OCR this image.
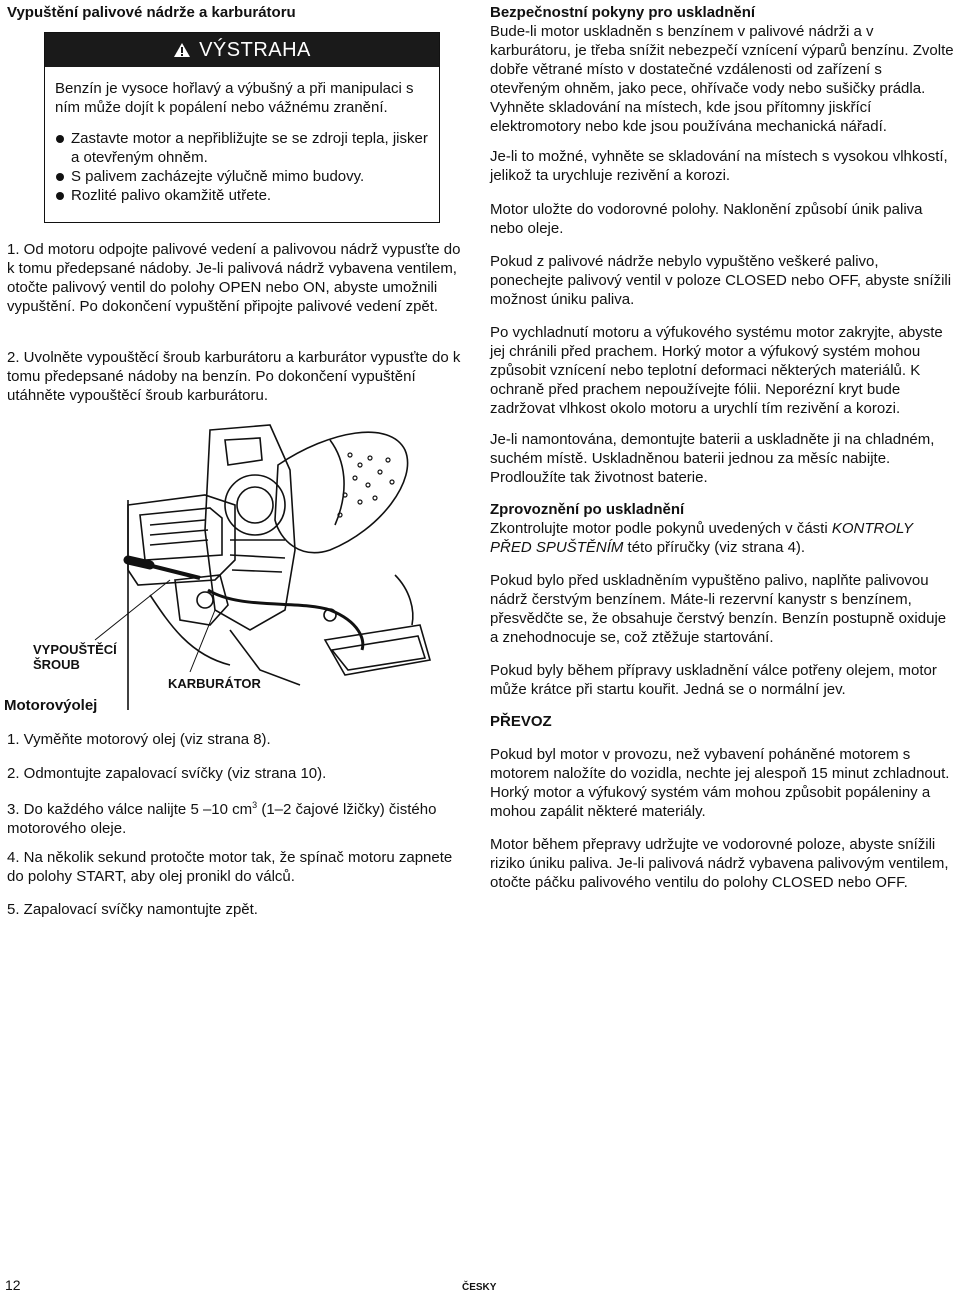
Vypuštění palivové nádrže a karburátoru

VÝSTRAHA

Benzín je vysoce hořlavý a výbušný a při manipulaci s ním může dojít k popálení nebo vážnému zranění.

Zastavte motor a nepřibližujte se se zdroji tepla, jisker a otevřeným ohněm.
S palivem zacházejte výlučně mimo budovy.
Rozlité palivo okamžitě utřete.

1. Od motoru odpojte palivové vedení a palivovou nádrž vypusťte do k tomu předepsané nádoby. Je-li palivová nádrž vybavena ventilem, otočte palivový ventil do polohy OPEN nebo ON, abyste umožnili vypuštění. Po dokončení vypuštění připojte palivové vedení zpět.

2. Uvolněte vypouštěcí šroub karburátoru a karburátor vypusťte do k tomu předepsané nádoby na benzín. Po dokončení vypuštění utáhněte vypouštěcí šroub karburátoru.

VYPOUŠTĚCÍ
ŠROUB
KARBURÁTOR

Motorovýolej

1. Vyměňte motorový olej (viz strana 8).

2. Odmontujte zapalovací svíčky (viz strana 10).

3. Do každého válce nalijte 5 –10 $cm^3$ (1–2 čajové lžičky) čistého motorového oleje.

4. Na několik sekund protočte motor tak, že spínač motoru zapnete do polohy START, aby olej pronikl do válců.

5. Zapalovací svíčky namontujte zpět.

Bezpečnostní pokyny pro uskladnění

Bude-li motor uskladněn s benzínem v palivové nádrži a v karburátoru, je třeba snížit nebezpečí vznícení výparů benzínu. Zvolte dobře větrané místo v dostatečné vzdálenosti od zařízení s otevřeným ohněm, jako pece, ohřívače vody nebo sušičky prádla. Vyhněte skladování na místech, kde jsou přítomny jiskřící elektromotory nebo kde jsou používána mechanická nářadí.

Je-li to možné, vyhněte se skladování na místech s vysokou vlhkostí, jelikož ta urychluje rezivění a korozi.

Motor uložte do vodorovné polohy. Naklonění způsobí únik paliva nebo oleje.

Pokud z palivové nádrže nebylo vypuštěno veškeré palivo, ponechejte palivový ventil v poloze CLOSED nebo OFF, abyste snížili možnost úniku paliva.

Po vychladnutí motoru a výfukového systému motor zakryjte, abyste jej chránili před prachem. Horký motor a výfukový systém mohou způsobit vznícení nebo teplotní deformaci některých materiálů. K ochraně před prachem nepoužívejte fólii. Neporézní kryt bude zadržovat vlhkost okolo motoru a urychlí tím rezivění a korozi.

Je-li namontována, demontujte baterii a uskladněte ji na chladném, suchém místě. Uskladněnou baterii jednou za měsíc nabijte. Prodloužíte tak životnost baterie.

Zprovoznění po uskladnění

Zkontrolujte motor podle pokynů uvedených v části KONTROLY PŘED SPUŠTĚNÍM této příručky (viz strana 4).

Pokud bylo před uskladněním vypuštěno palivo, naplňte palivovou nádrž čerstvým benzínem. Máte-li rezervní kanystr s benzínem, přesvědčte se, že obsahuje čerstvý benzín. Benzín postupně oxiduje a znehodnocuje se, což ztěžuje startování.

Pokud byly během přípravy uskladnění válce potřeny olejem, motor může krátce při startu kouřit. Jedná se o normální jev.

PŘEVOZ

Pokud byl motor v provozu, než vybavení poháněné motorem s motorem naložíte do vozidla, nechte jej alespoň 15 minut zchladnout. Horký motor a výfukový systém vám mohou způsobit popáleniny a mohou zapálit některé materiály.

Motor během přepravy udržujte ve vodorovné poloze, abyste snížili riziko úniku paliva. Je-li palivová nádrž vybavena palivovým ventilem, otočte páčku palivového ventilu do polohy CLOSED nebo OFF.

12	ČESKY
